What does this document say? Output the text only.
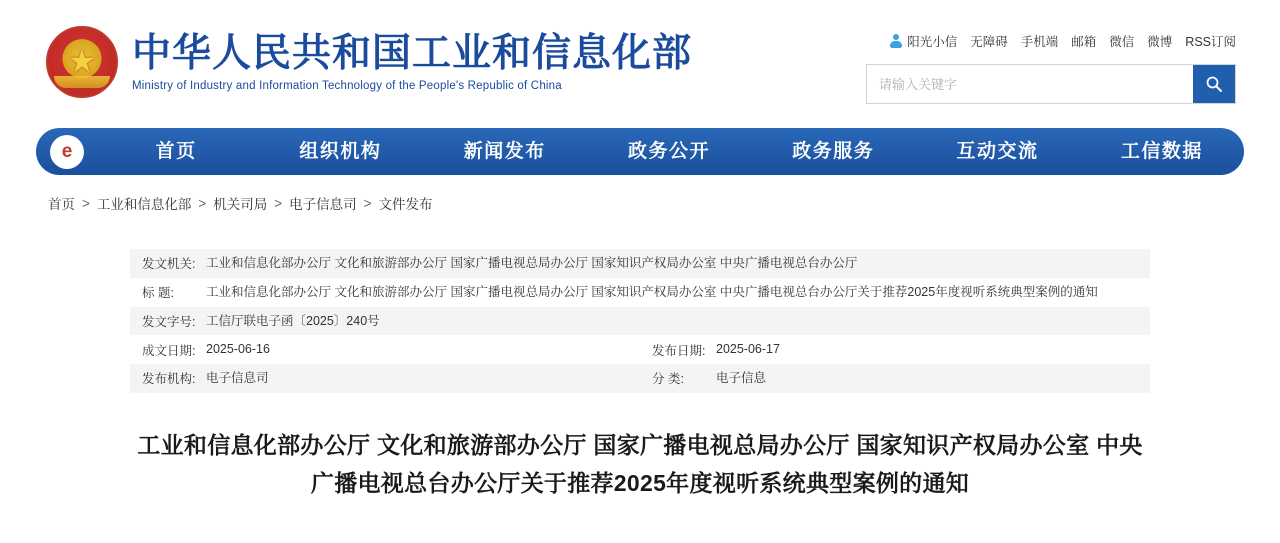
★
中华人民共和国工业和信息化部
Ministry of Industry and Information Technology of the People's Republic of China
阳光小信 无障碍 手机端 邮箱 微信 微博 RSS订阅
请输入关键字
e	首页	组织机构	新闻发布	政务公开	政务服务	互动交流	工信数据
首页 > 工业和信息化部 > 机关司局 > 电子信息司 > 文件发布
发文机关: 工业和信息化部办公厅 文化和旅游部办公厅 国家广播电视总局办公厅 国家知识产权局办公室 中央广播电视总台办公厅
标 题:	工业和信息化部办公厅 文化和旅游部办公厅 国家广播电视总局办公厅 国家知识产权局办公室 中央广播电视总台办公厅关于推荐2025年度视听系统典型案例的通知
发文字号: 工信厅联电子函〔2025〕240号
成文日期: 2025-06-16	发布日期: 2025-06-17
发布机构: 电子信息司	分 类:	电子信息
工业和信息化部办公厅 文化和旅游部办公厅 国家广播电视总局办公厅 国家知识产权局办公室 中央广播电视总台办公厅关于推荐2025年度视听系统典型案例的通知
